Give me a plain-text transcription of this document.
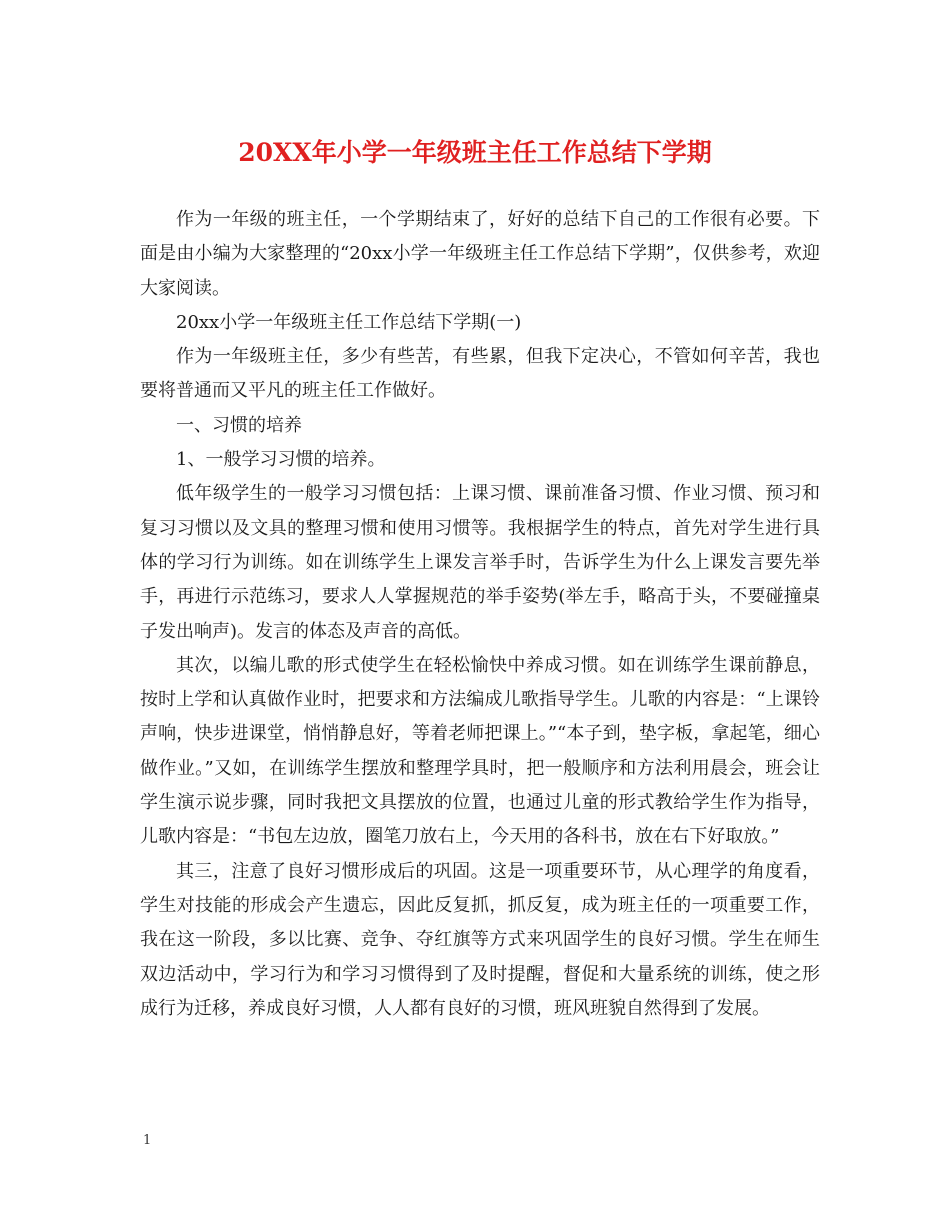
20XX年小学一年级班主任工作总结下学期

作为一年级的班主任，一个学期结束了，好好的总结下自己的工作很有必要。下面是由小编为大家整理的“20xx小学一年级班主任工作总结下学期”，仅供参考，欢迎大家阅读。

20xx小学一年级班主任工作总结下学期(一)

作为一年级班主任，多少有些苦，有些累，但我下定决心，不管如何辛苦，我也要将普通而又平凡的班主任工作做好。

一、习惯的培养

1、一般学习习惯的培养。

低年级学生的一般学习习惯包括：上课习惯、课前准备习惯、作业习惯、预习和复习习惯以及文具的整理习惯和使用习惯等。我根据学生的特点，首先对学生进行具体的学习行为训练。如在训练学生上课发言举手时，告诉学生为什么上课发言要先举手，再进行示范练习，要求人人掌握规范的举手姿势(举左手，略高于头，不要碰撞桌子发出响声)。发言的体态及声音的高低。

其次，以编儿歌的形式使学生在轻松愉快中养成习惯。如在训练学生课前静息，按时上学和认真做作业时，把要求和方法编成儿歌指导学生。儿歌的内容是：“上课铃声响，快步进课堂，悄悄静息好，等着老师把课上。”“本子到，垫字板，拿起笔，细心做作业。”又如，在训练学生摆放和整理学具时，把一般顺序和方法利用晨会，班会让学生演示说步骤，同时我把文具摆放的位置，也通过儿童的形式教给学生作为指导，儿歌内容是：“书包左边放，圈笔刀放右上，今天用的各科书，放在右下好取放。”

其三，注意了良好习惯形成后的巩固。这是一项重要环节，从心理学的角度看，学生对技能的形成会产生遗忘，因此反复抓，抓反复，成为班主任的一项重要工作，我在这一阶段，多以比赛、竞争、夺红旗等方式来巩固学生的良好习惯。学生在师生双边活动中，学习行为和学习习惯得到了及时提醒，督促和大量系统的训练，使之形成行为迁移，养成良好习惯，人人都有良好的习惯，班风班貌自然得到了发展。

1
